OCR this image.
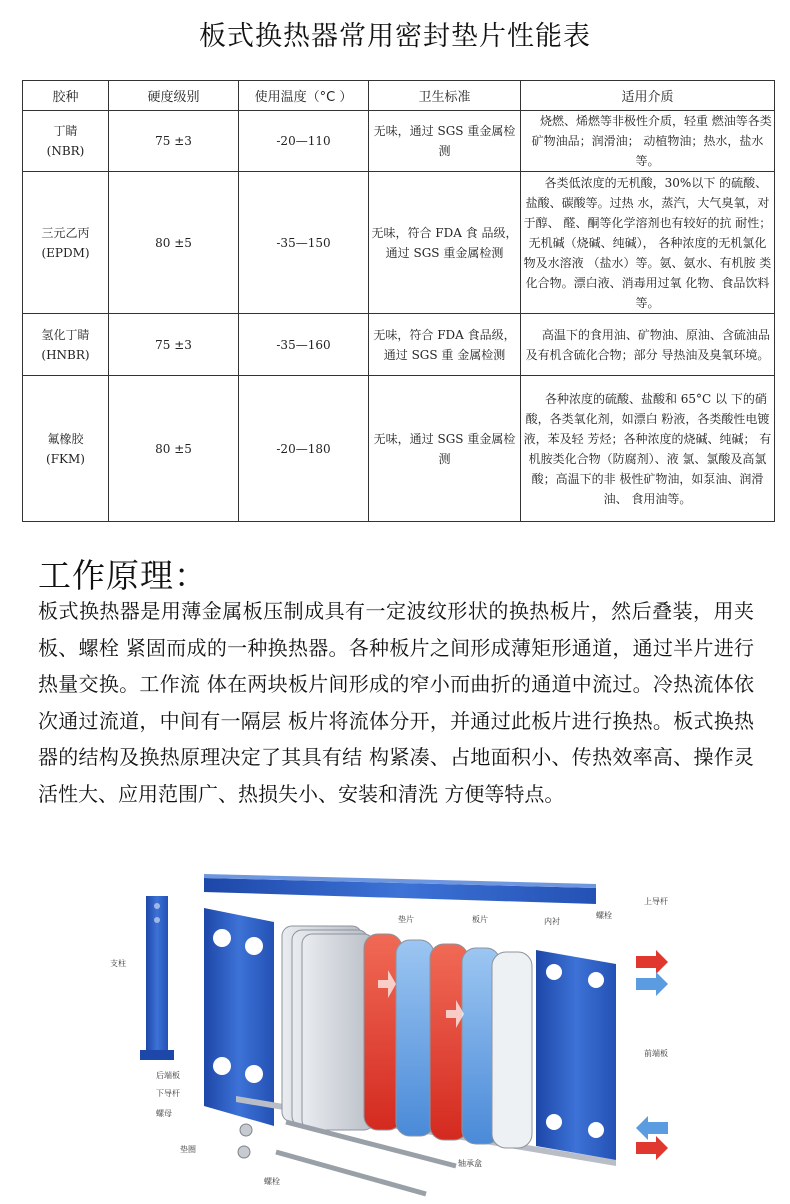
板式换热器常用密封垫片性能表
胶种	硬度级别	使用温度（°C ）	卫生标准	适用介质

丁睛
(NBR)	75 ±3	-20—110	无味，通过 SGS 重金属检测	烧燃、烯燃等非极性介质，轻重 燃油等各类矿物油品；润滑油； 动植物油；热水，盐水等。

三元乙丙
(EPDM)	80 ±5	-35—150	无味，符合 FDA 食 品级，通过 SGS 重金属检测	各类低浓度的无机酸，30%以下 的硫酸、盐酸、碳酸等。过热 水，蒸汽，大气臭氧，对于醇、 醛、酮等化学溶剂也有较好的抗 耐性；无机碱（烧碱、纯碱）， 各种浓度的无机氯化物及水溶液 （盐水）等。氨、氨水、有机胺 类化合物。漂白液、消毒用过氧 化物、食品饮料等。

氢化丁睛
(HNBR)	75 ±3	-35—160	无味，符合 FDA 食品级，通过 SGS 重 金属检测	高温下的食用油、矿物油、原油、含硫油品及有机含硫化合物；部分 导热油及臭氧环境。

氟橡胶
(FKM)	80 ±5	-20—180	无味，通过 SGS 重金属检测	各种浓度的硫酸、盐酸和 65°C 以 下的硝酸，各类氧化剂，如漂白 粉液，各类酸性电镀液，苯及轻 芳烃；各种浓度的烧碱、纯碱； 有机胺类化合物（防腐剂）、液 氯、氯酸及高氯酸；高温下的非 极性矿物油，如泵油、润滑油、 食用油等。
工作原理：
板式换热器是用薄金属板压制成具有一定波纹形状的换热板片，然后叠装，用夹板、螺栓 紧固而成的一种换热器。各种板片之间形成薄矩形通道，通过半片进行热量交换。工作流 体在两块板片间形成的窄小而曲折的通道中流过。冷热流体依次通过流道，中间有一隔层 板片将流体分开，并通过此板片进行换热。板式换热器的结构及换热原理决定了其具有结 构紧凑、占地面积小、传热效率高、操作灵活性大、应用范围广、热损失小、安装和清洗 方便等特点。
支柱
垫片	板片	内衬
上导杆
螺栓
后端板
下导杆
螺母
垫圈
螺栓
轴承盒
前端板
